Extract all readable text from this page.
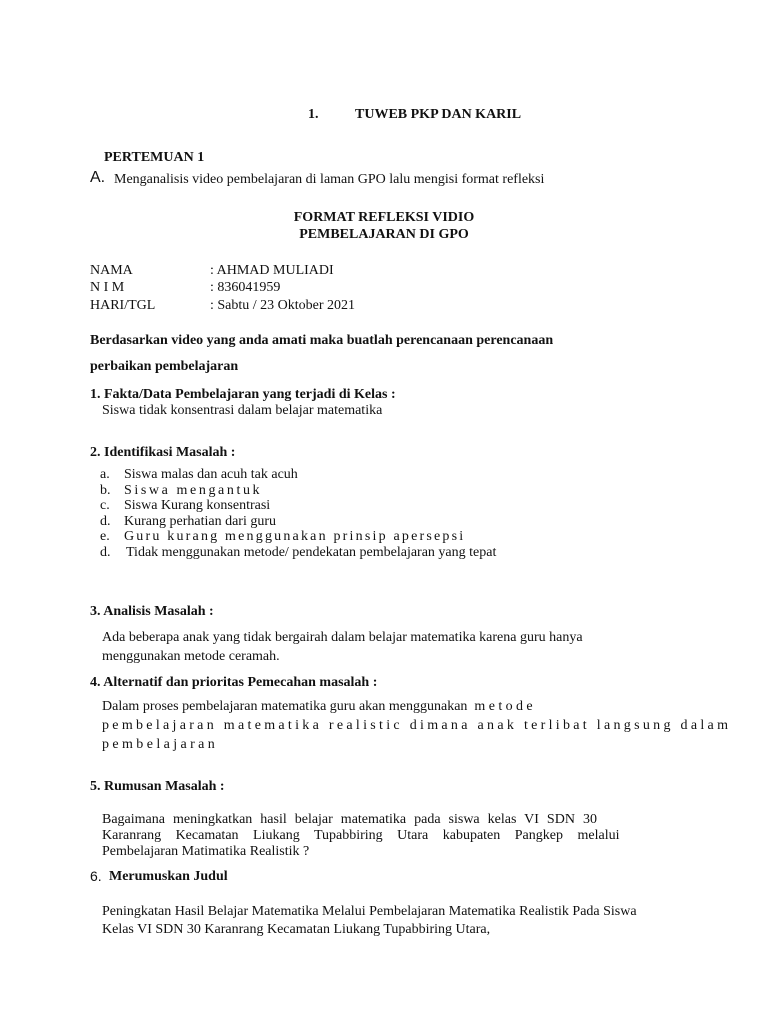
1.	TUWEB PKP DAN KARIL
PERTEMUAN 1
A. Menganalisis video pembelajaran di laman GPO lalu mengisi format refleksi
FORMAT REFLEKSI VIDIO
PEMBELAJARAN DI GPO
NAMA	: AHMAD MULIADI
N I M	: 836041959
HARI/TGL	: Sabtu / 23 Oktober 2021
Berdasarkan video yang anda amati maka buatlah perencanaan perencanaan
perbaikan pembelajaran
1. Fakta/Data Pembelajaran yang terjadi di Kelas :
Siswa tidak konsentrasi dalam belajar matematika
2. Identifikasi Masalah :
a. Siswa malas dan acuh tak acuh
b. Siswa mengantuk
c. Siswa Kurang konsentrasi
d. Kurang perhatian dari guru
e. Guru kurang menggunakan prinsip apersepsi
d. Tidak menggunakan metode/ pendekatan pembelajaran yang tepat
3. Analisis Masalah :
Ada beberapa anak yang tidak bergairah dalam belajar matematika karena guru hanya
menggunakan metode ceramah.
4. Alternatif dan prioritas Pemecahan masalah :
Dalam proses pembelajaran matematika guru akan menggunakan metode
pembelajaran matematika realistic dimana anak terlibat langsung dalam
pembelajaran
5. Rumusan Masalah :
Bagaimana meningkatkan hasil belajar matematika pada siswa kelas VI SDN 30
Karanrang Kecamatan Liukang Tupabbiring Utara kabupaten Pangkep melalui
Pembelajaran Matimatika Realistik ?
6. Merumuskan Judul
Peningkatan Hasil Belajar Matematika Melalui Pembelajaran Matematika Realistik Pada Siswa
Kelas VI SDN 30 Karanrang Kecamatan Liukang Tupabbiring Utara,
